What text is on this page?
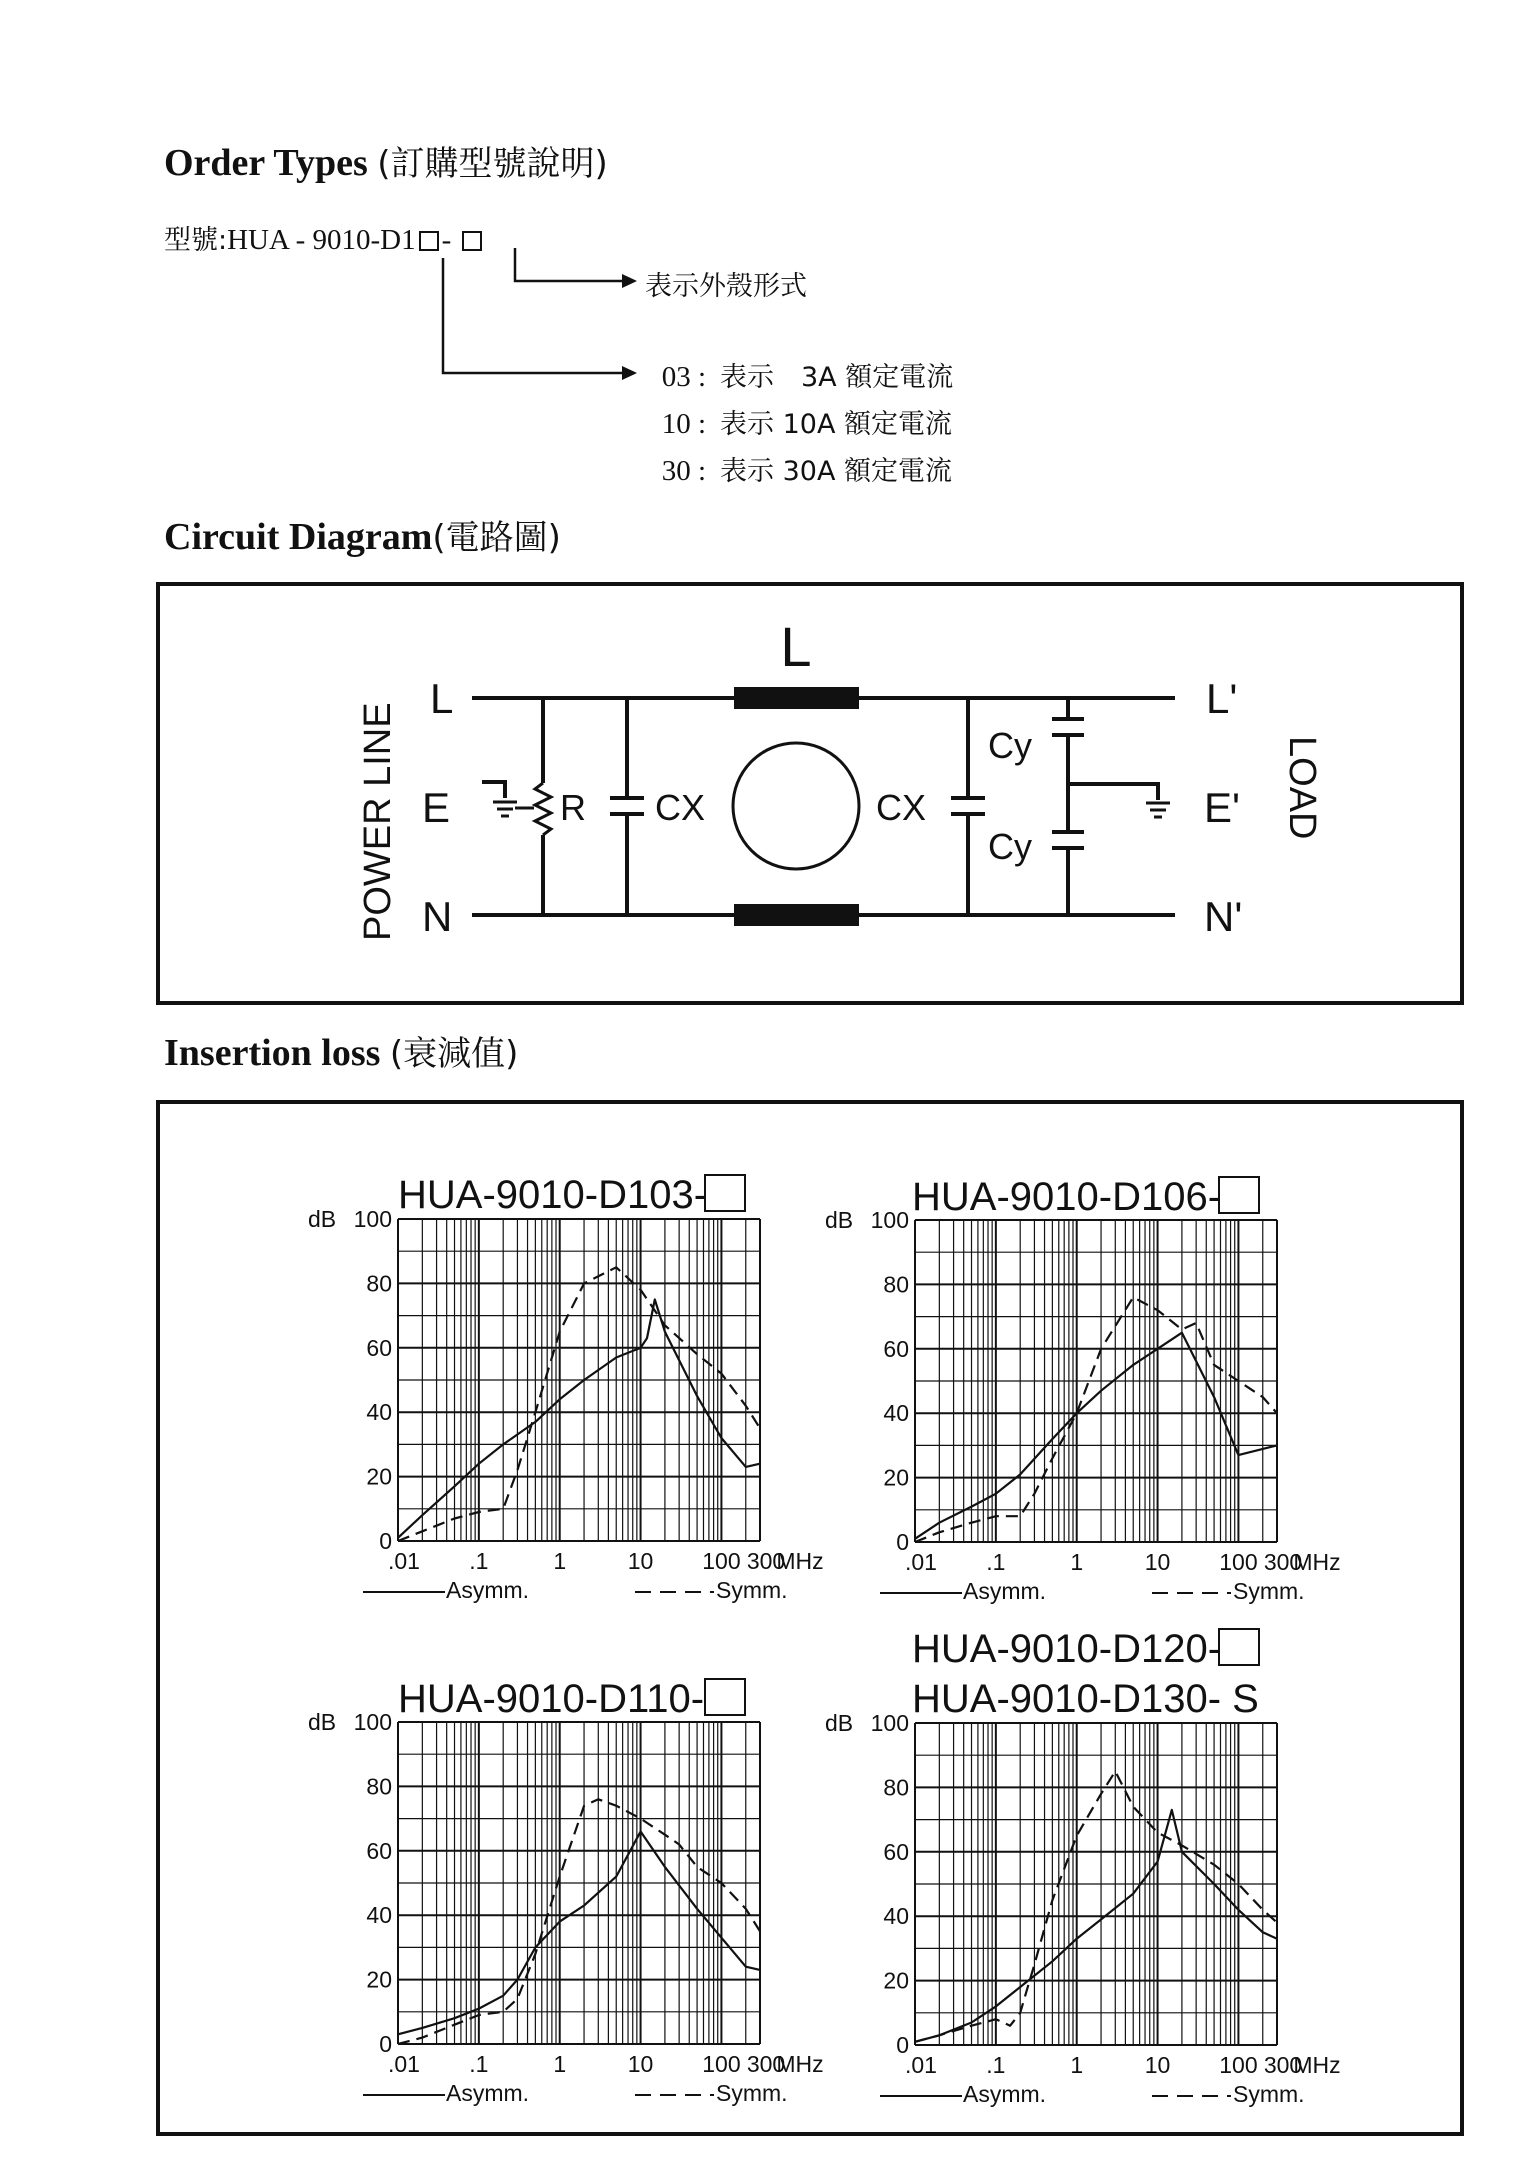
Order Types (訂購型號說明)
型號:HUA - 9010-D1 -
表示外殼形式
03 : 表示　3A 額定電流
10 : 表示 10A 額定電流
30 : 表示 30A 額定電流
Circuit Diagram(電路圖)
L
L
E
N
L'
E'
N'
R CX	CX
Cy
Cy
POWER LINE	LOAD
Insertion loss (衰減值)
HUA-9010-D103-
0
20
40
60
80
100
dB
.01 .1	1	10 100 300
MHz
Asymm.	Symm.
HUA-9010-D106-
0
20
40
60
80
100
dB
.01 .1	1	10 100 300
MHz
Asymm.	Symm.
HUA-9010-D110-
0
20
40
60
80
100
dB
.01 .1	1	10 100 300
MHz
Asymm.	Symm.
HUA-9010-D120-
HUA-9010-D130- S
0
20
40
60
80
100
dB
.01 .1	1	10 100 300
MHz
Asymm.	Symm.
